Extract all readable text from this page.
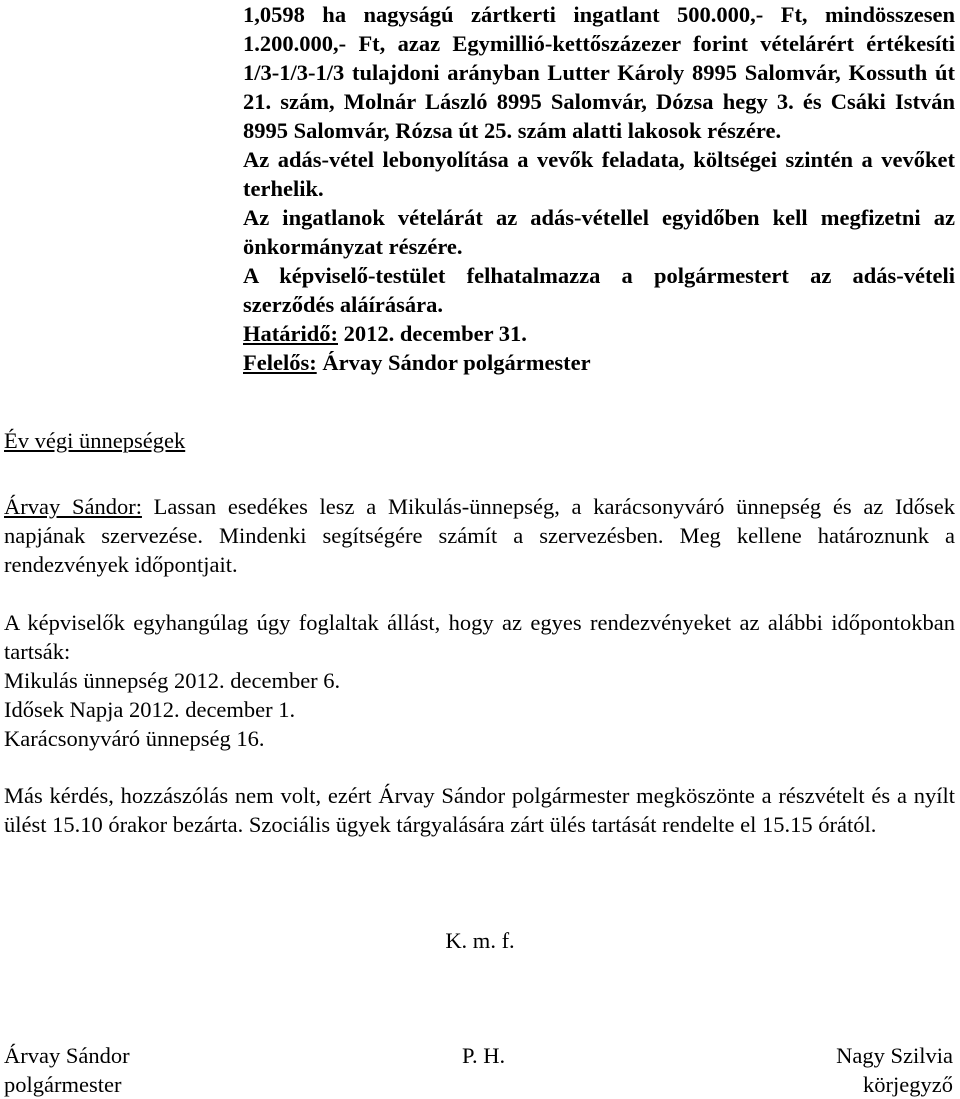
1,0598 ha nagyságú zártkerti ingatlant 500.000,- Ft, mindösszesen 1.200.000,- Ft, azaz Egymillió-kettőszázezer forint vételárért értékesíti 1/3-1/3-1/3 tulajdoni arányban Lutter Károly 8995 Salomvár, Kossuth út 21. szám, Molnár László 8995 Salomvár, Dózsa hegy 3. és Csáki István 8995 Salomvár, Rózsa út 25. szám alatti lakosok részére.

Az adás-vétel lebonyolítása a vevők feladata, költségei szintén a vevőket terhelik.

Az ingatlanok vételárát az adás-vétellel egyidőben kell megfizetni az önkormányzat részére.

A képviselő-testület felhatalmazza a polgármestert az adás-vételi szerződés aláírására.

Határidő: 2012. december 31.

Felelős: Árvay Sándor polgármester

Év végi ünnepségek

Árvay Sándor: Lassan esedékes lesz a Mikulás-ünnepség, a karácsonyváró ünnepség és az Idősek napjának szervezése. Mindenki segítségére számít a szervezésben. Meg kellene határoznunk a rendezvények időpontjait.

A képviselők egyhangúlag úgy foglaltak állást, hogy az egyes rendezvényeket az alábbi időpontokban tartsák:
Mikulás ünnepség 2012. december 6.
Idősek Napja 2012. december 1.
Karácsonyváró ünnepség 16.

Más kérdés, hozzászólás nem volt, ezért Árvay Sándor polgármester megköszönte a részvételt és a nyílt ülést 15.10 órakor bezárta. Szociális ügyek tárgyalására zárt ülés tartását rendelte el 15.15 órától.

K. m. f.
Árvay Sándor
polgármester
P. H.	Nagy Szilvia
körjegyző
